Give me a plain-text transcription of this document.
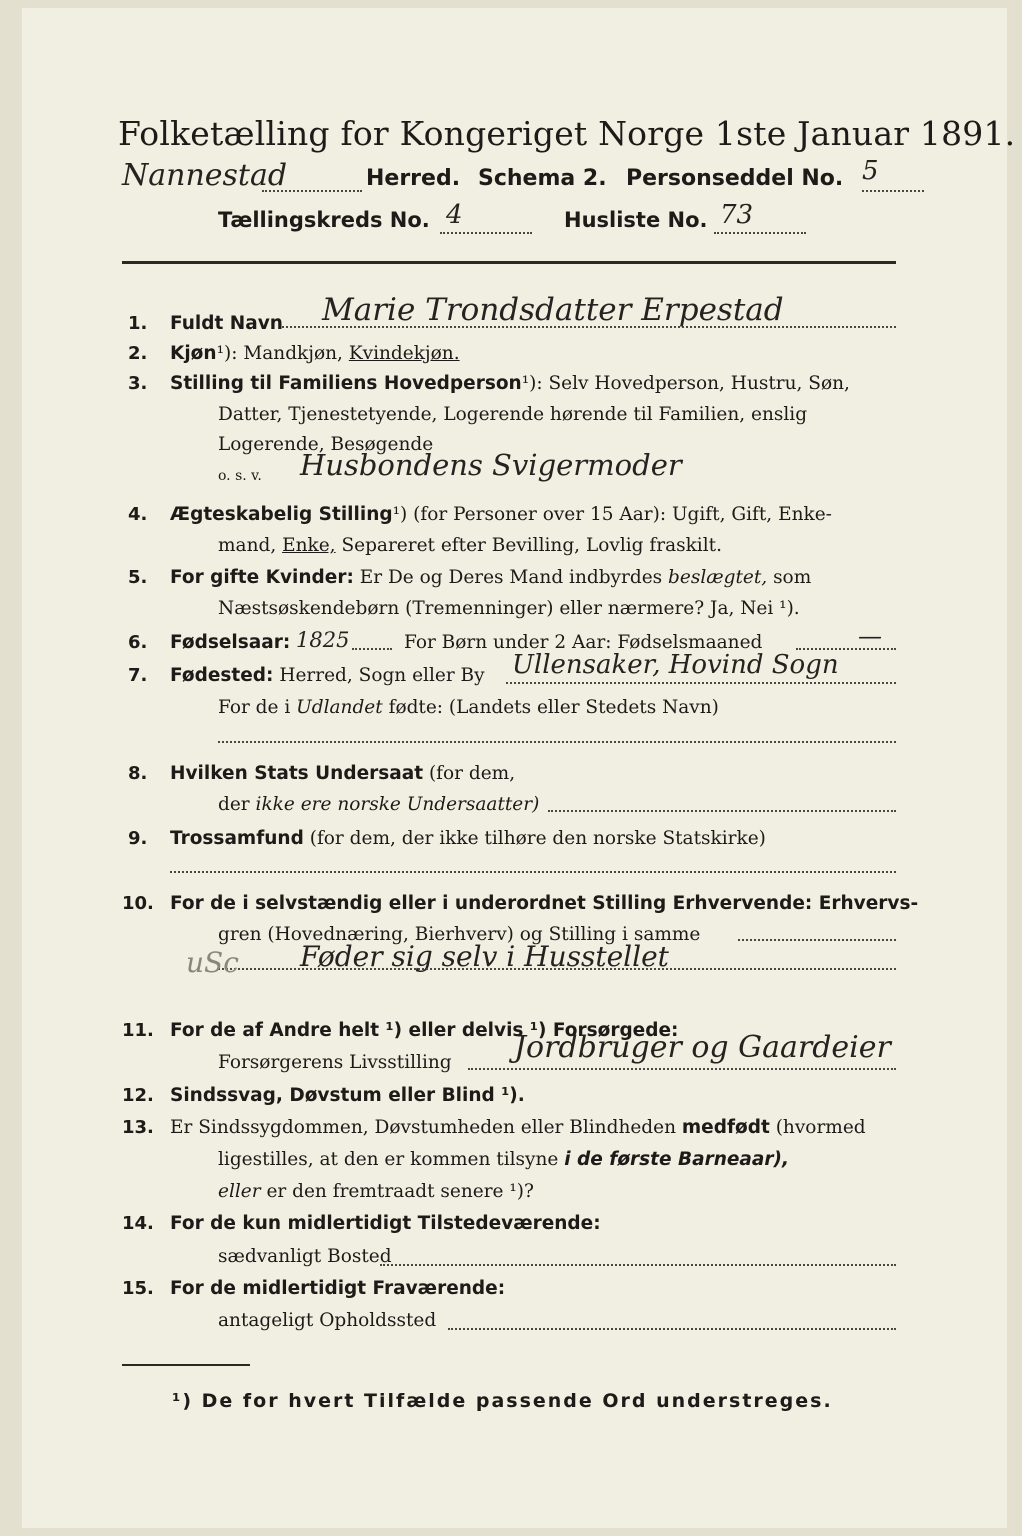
Folketælling for Kongeriget Norge 1ste Januar 1891.
Nannestad	Herred. Schema 2. Personseddel No. 5
Tællingskreds No. 4	Husliste No. 73
1. Fuldt Navn Marie Trondsdatter Erpestad
2. Kjøn¹): Mandkjøn, Kvindekjøn.
3. Stilling til Familiens Hovedperson¹): Selv Hovedperson, Hustru, Søn,
Datter, Tjenestetyende, Logerende hørende til Familien, enslig
Logerende, Besøgende
o. s. v. Husbondens Svigermoder
4. Ægteskabelig Stilling¹) (for Personer over 15 Aar): Ugift, Gift, Enke-
mand, Enke, Separeret efter Bevilling, Lovlig fraskilt.
5. For gifte Kvinder: Er De og Deres Mand indbyrdes beslægtet, som
Næstsøskendebørn (Tremenninger) eller nærmere? Ja, Nei ¹).
6. Fødselsaar: 1825	For Børn under 2 Aar: Fødselsmaaned	—
7. Fødested: Herred, Sogn eller By Ullensaker, Hovind Sogn
For de i Udlandet fødte: (Landets eller Stedets Navn)
8. Hvilken Stats Undersaat (for dem,
der ikke ere norske Undersaatter)
9. Trossamfund (for dem, der ikke tilhøre den norske Statskirke)
10. For de i selvstændig eller i underordnet Stilling Erhvervende: Erhvervs-
gren (Hovednæring, Bierhverv) og Stilling i samme
Føder sig selv i Husstellet
uSc
11. For de af Andre helt ¹) eller delvis ¹) Forsørgede:
Forsørgerens Livsstilling Jordbruger og Gaardeier
12. Sindssvag, Døvstum eller Blind ¹).
13. Er Sindssygdommen, Døvstumheden eller Blindheden medfødt (hvormed
ligestilles, at den er kommen tilsyne i de første Barneaar),
eller er den fremtraadt senere ¹)?
14. For de kun midlertidigt Tilstedeværende:
sædvanligt Bosted
15. For de midlertidigt Fraværende:
antageligt Opholdssted
¹) De for hvert Tilfælde passende Ord understreges.
